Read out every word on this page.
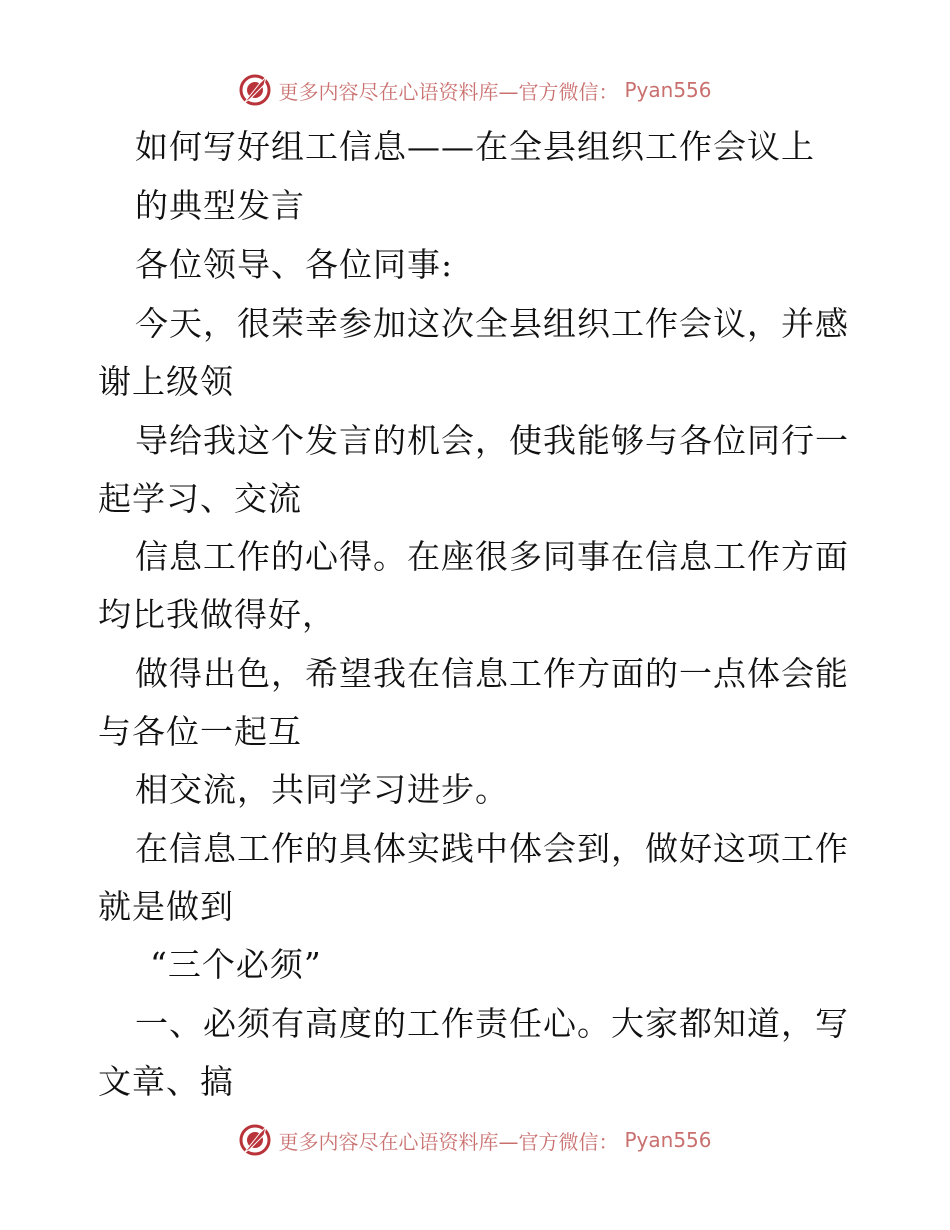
更多内容尽在心语资料库—官方微信： Pyan556
如何写好组工信息——在全县组织工作会议上
的典型发言
各位领导、各位同事:
今天，很荣幸参加这次全县组织工作会议，并感
谢上级领
导给我这个发言的机会，使我能够与各位同行一
起学习、交流
信息工作的心得。在座很多同事在信息工作方面
均比我做得好，
做得出色，希望我在信息工作方面的一点体会能
与各位一起互
相交流，共同学习进步。
在信息工作的具体实践中体会到，做好这项工作
就是做到
“三个必须”
一、必须有高度的工作责任心。大家都知道，写
文章、搞
更多内容尽在心语资料库—官方微信： Pyan556
